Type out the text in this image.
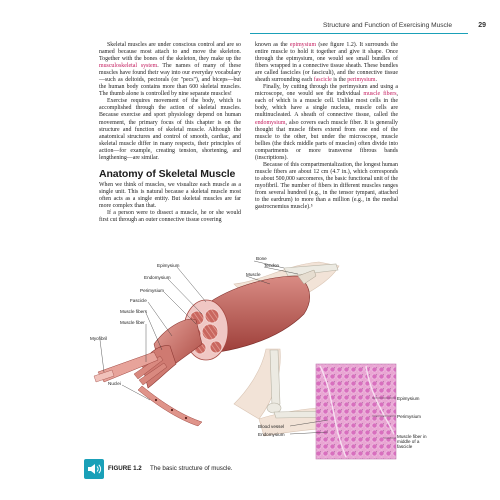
Structure and Function of Exercising Muscle	29

Skeletal muscles are under conscious control and are so named because most attach to and move the skeleton. Together with the bones of the skeleton, they make up the musculoskeletal system. The names of many of these muscles have found their way into our everyday vocabulary—such as deltoids, pectorals (or "pecs"), and biceps—but the human body contains more than 600 skeletal muscles. The thumb alone is controlled by nine separate muscles!

Exercise requires movement of the body, which is accomplished through the action of skeletal muscles. Because exercise and sport physiology depend on human movement, the primary focus of this chapter is on the structure and function of skeletal muscle. Although the anatomical structures and control of smooth, cardiac, and skeletal muscle differ in many respects, their principles of action—for example, creating tension, shortening, and lengthening—are similar.

Anatomy of Skeletal Muscle

When we think of muscles, we visualize each muscle as a single unit. This is natural because a skeletal muscle most often acts as a single entity. But skeletal muscles are far more complex than that.

If a person were to dissect a muscle, he or she would first cut through an outer connective tissue covering

known as the epimysium (see figure 1.2). It surrounds the entire muscle to hold it together and give it shape. Once through the epimysium, one would see small bundles of fibers wrapped in a connective tissue sheath. These bundles are called fascicles (or fasciculi), and the connective tissue sheath surrounding each fascicle is the perimysium.

Finally, by cutting through the perimysium and using a microscope, one would see the individual muscle fibers, each of which is a muscle cell. Unlike most cells in the body, which have a single nucleus, muscle cells are multinucleated. A sheath of connective tissue, called the endomysium, also covers each muscle fiber. It is generally thought that muscle fibers extend from one end of the muscle to the other, but under the microscope, muscle bellies (the thick middle parts of muscles) often divide into compartments or more transverse fibrous bands (inscriptions).

Because of this compartmentalization, the longest human muscle fibers are about 12 cm (4.7 in.), which corresponds to about 500,000 sarcomeres, the basic functional unit of the myofibril. The number of fibers in different muscles ranges from several hundred (e.g., in the tensor tympani, attached to the eardrum) to more than a million (e.g., in the medial gastrocnemius muscle).⁵

Bone
Tendon
Muscle
Epimysium
Endomysium
Perimysium
Fascicle
Muscle fibers
Muscle fiber
Myofibril
Nuclei
Epimysium
Perimysium
Blood vessel
Endomysium	Muscle fiber in middle of a fascicle
FIGURE 1.2 The basic structure of muscle.
